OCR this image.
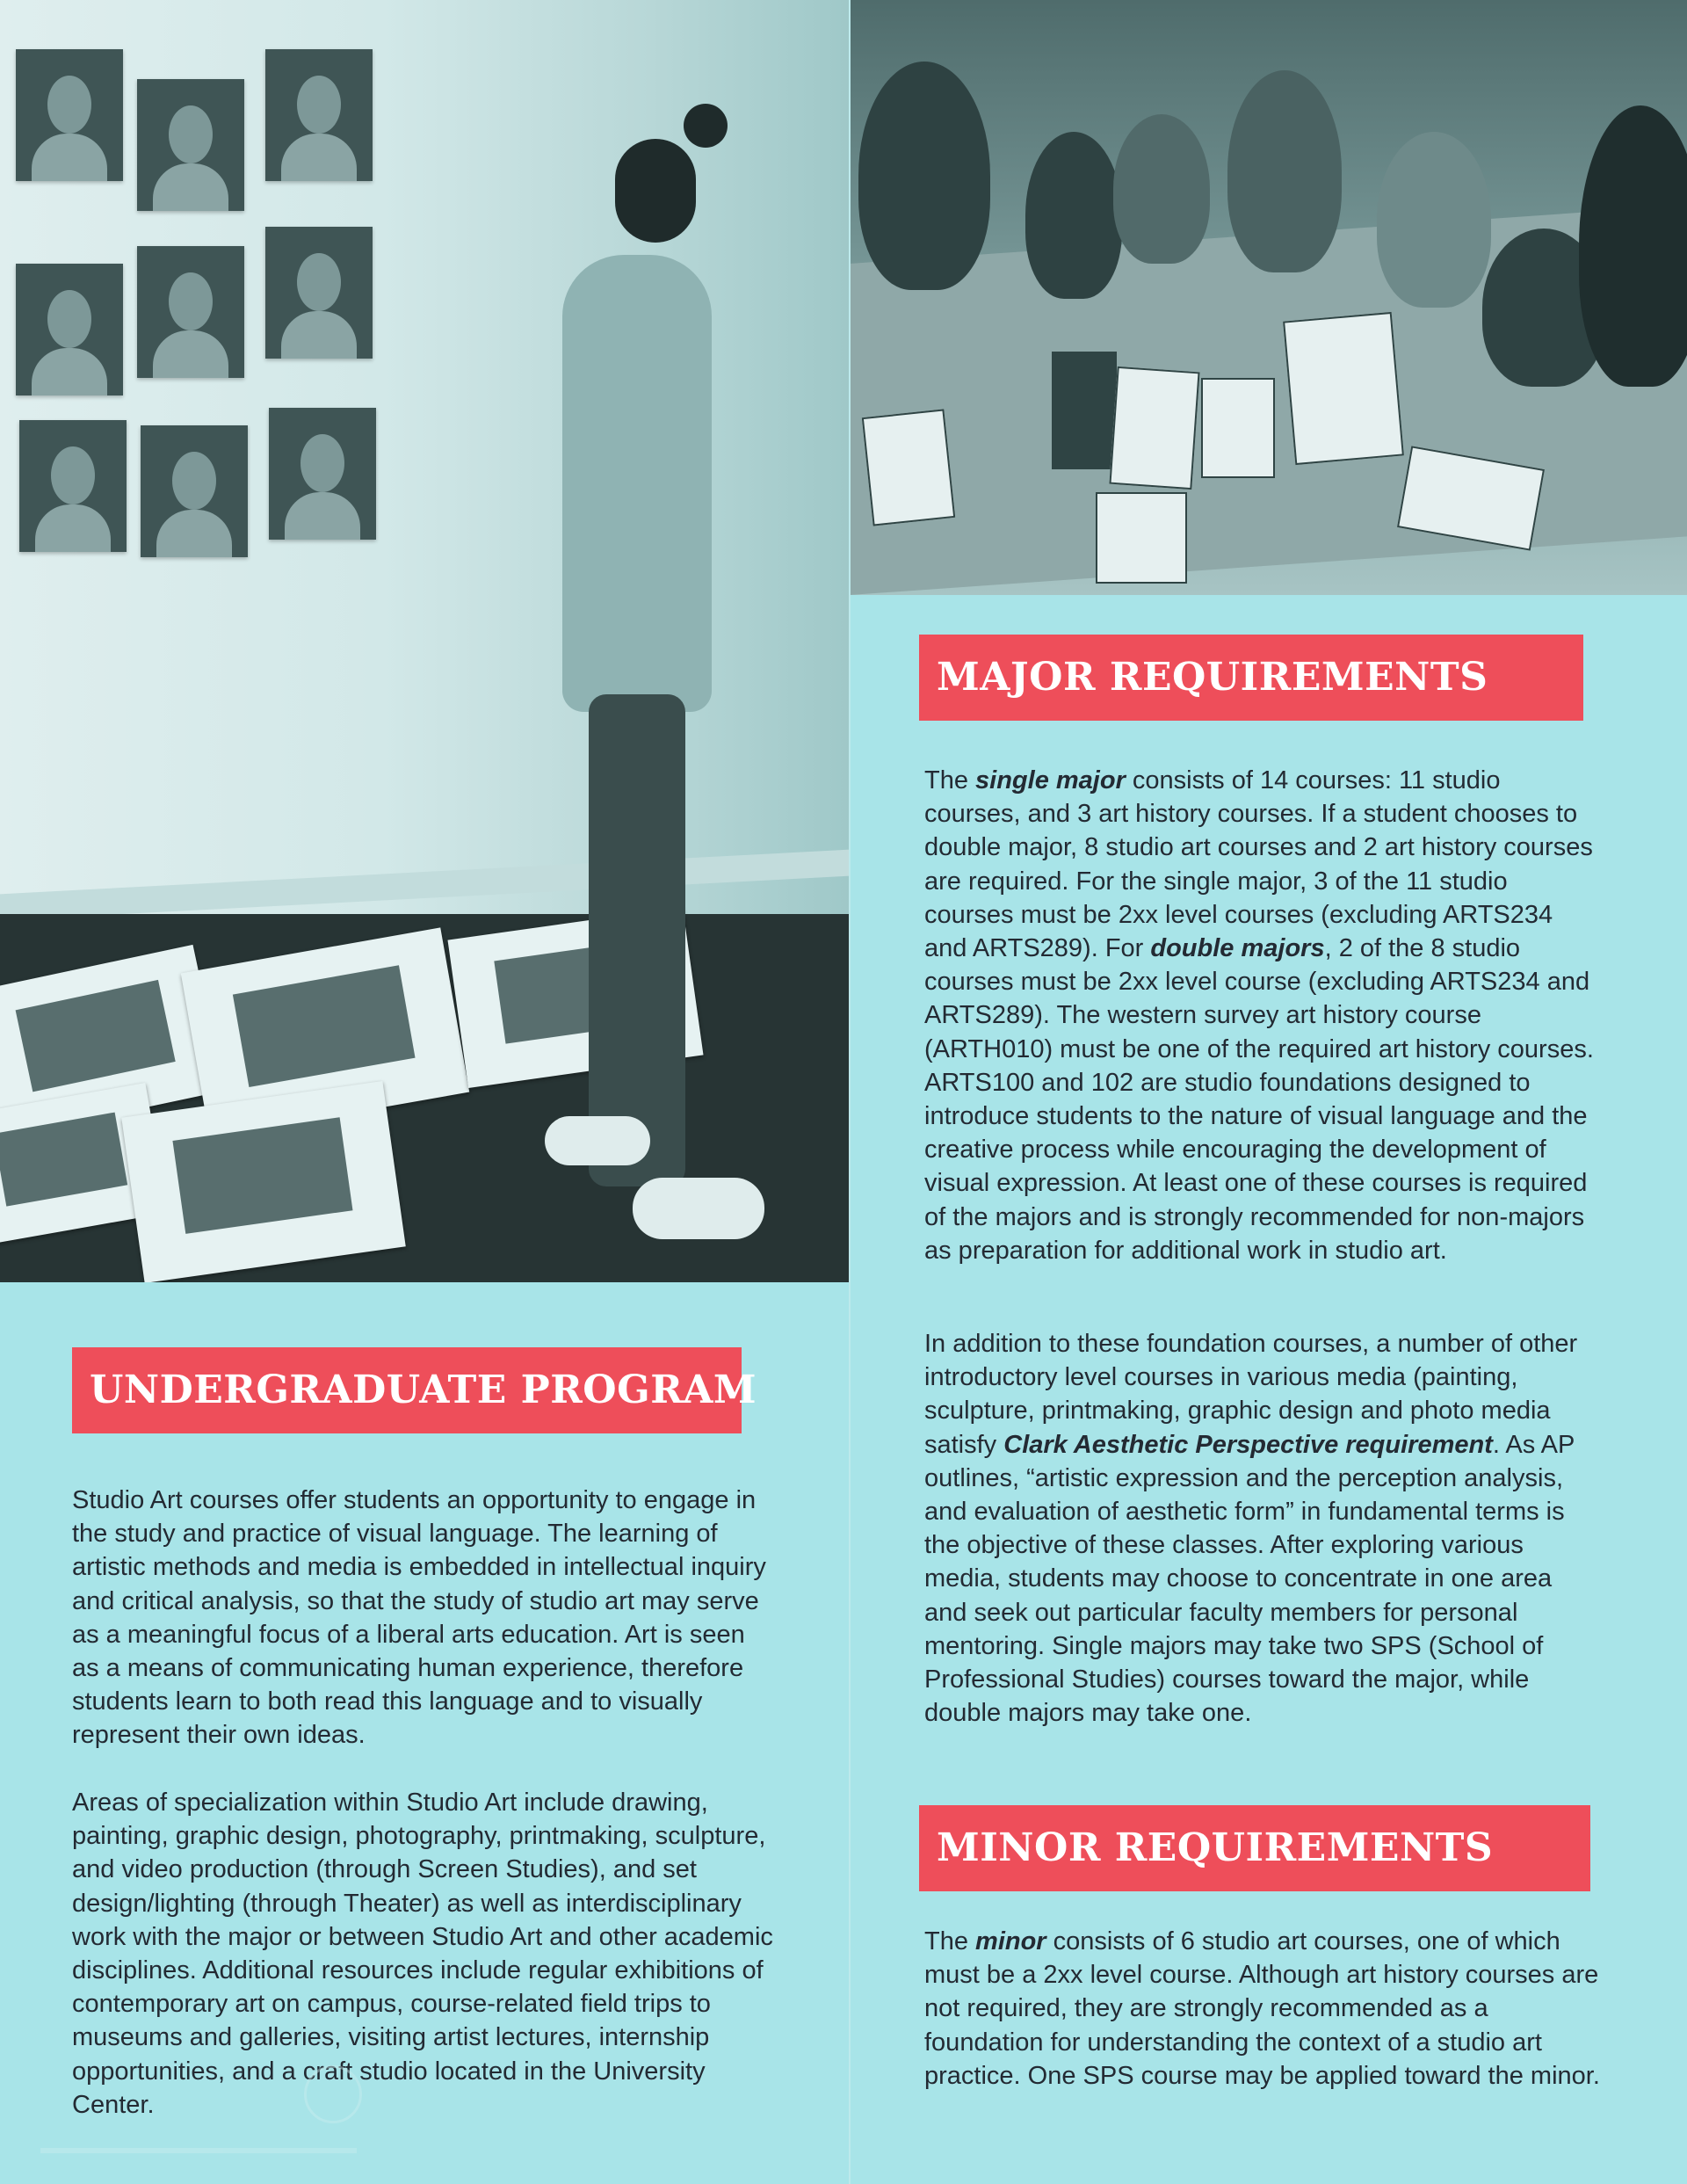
UNDERGRADUATE PROGRAM

Studio Art courses offer students an opportunity to engage in the study and practice of visual language. The learning of artistic methods and media is embedded in intellectual inquiry and critical analysis, so that the study of studio art may serve as a meaningful focus of a liberal arts education. Art is seen as a means of communicating human experience, therefore students learn to both read this language and to visually represent their own ideas.

Areas of specialization within Studio Art include drawing, painting, graphic design, photography, printmaking, sculpture, and video production (through Screen Studies), and set design/lighting (through Theater) as well as interdisciplinary work with the major or between Studio Art and other academic disciplines. Additional resources include regular exhibitions of contemporary art on campus, course-related field trips to museums and galleries, visiting artist lectures, internship opportunities, and a craft studio located in the University Center.

MAJOR REQUIREMENTS

The single major consists of 14 courses: 11 studio courses, and 3 art history courses. If a student chooses to double major, 8 studio art courses and 2 art history courses are required. For the single major, 3 of the 11 studio courses must be 2xx level courses (excluding ARTS234 and ARTS289). For double majors, 2 of the 8 studio courses must be 2xx level course (excluding ARTS234 and ARTS289). The western survey art history course (ARTH010) must be one of the required art history courses. ARTS100 and 102 are studio foundations designed to introduce students to the nature of visual language and the creative process while encouraging the development of visual expression. At least one of these courses is required of the majors and is strongly recommended for non-majors as preparation for additional work in studio art.

In addition to these foundation courses, a number of other introductory level courses in various media (painting, sculpture, printmaking, graphic design and photo media satisfy Clark Aesthetic Perspective requirement. As AP outlines, “artistic expression and the perception analysis, and evaluation of aesthetic form” in fundamental terms is the objective of these classes. After exploring various media, students may choose to concentrate in one area and seek out particular faculty members for personal mentoring. Single majors may take two SPS (School of Professional Studies) courses toward the major, while double majors may take one.

MINOR REQUIREMENTS

The minor consists of 6 studio art courses, one of which must be a 2xx level course. Although art history courses are not required, they are strongly recommended as a foundation for understanding the context of a studio art practice. One SPS course may be applied toward the minor.
